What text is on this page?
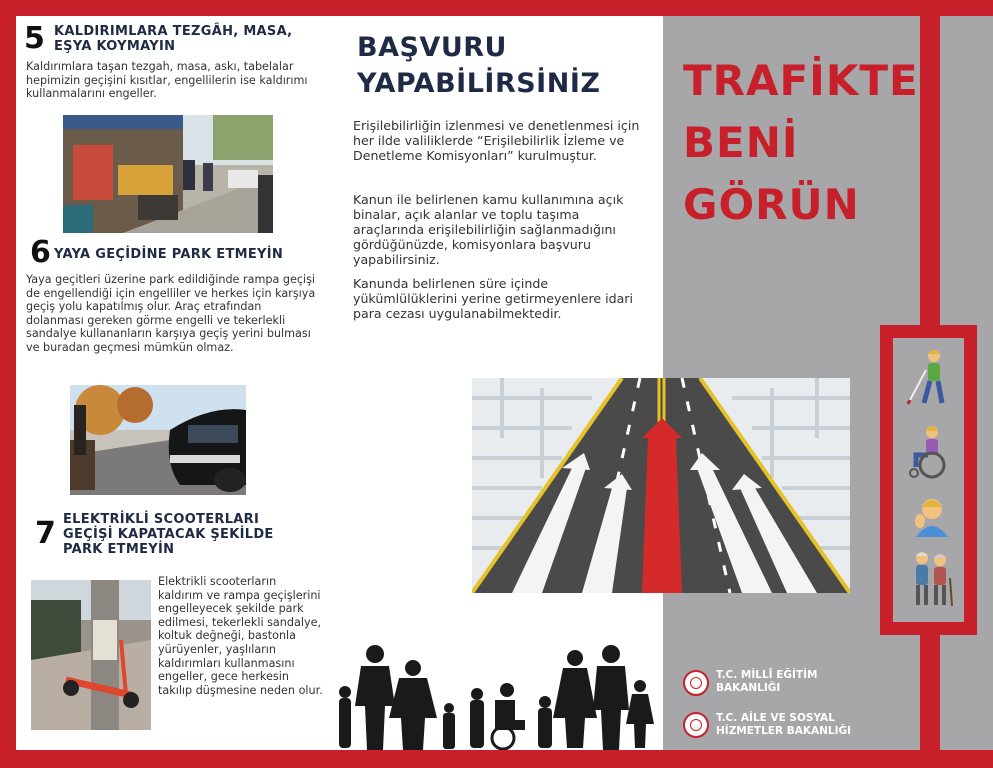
5 KALDIRIMLARA TEZGÂH, MASA, EŞYA KOYMAYIN
Kaldırımlara taşan tezgah, masa, askı, tabelalar hepimizin geçişini kısıtlar, engellilerin ise kaldırımı kullanmalarını engeller.
6 YAYA GEÇİDİNE PARK ETMEYİN
Yaya geçitleri üzerine park edildiğinde rampa geçişi de engellendiği için engelliler ve herkes için karşıya geçiş yolu kapatılmış olur. Araç etrafından dolanması gereken görme engelli ve tekerlekli sandalye kullananların karşıya geçiş yerini bulması ve buradan geçmesi mümkün olmaz.
7 ELEKTRİKLİ SCOOTERLARI GEÇİŞİ KAPATACAK ŞEKİLDE PARK ETMEYİN
Elektrikli scooterların kaldırım ve rampa geçişlerini engelleyecek şekilde park edilmesi, tekerlekli sandalye, koltuk değneği, bastonla yürüyenler, yaşlıların kaldırımları kullanmasını engeller, gece herkesin takılıp düşmesine neden olur.
BAŞVURU
YAPABİLİRSİNİZ
Erişilebilirliğin izlenmesi ve denetlenmesi için her ilde valiliklerde “Erişilebilirlik İzleme ve Denetleme Komisyonları” kurulmuştur.
Kanun ile belirlenen kamu kullanımına açık binalar, açık alanlar ve toplu taşıma araçlarında erişilebilirliğin sağlanmadığını gördüğünüzde, komisyonlara başvuru yapabilirsiniz.
Kanunda belirlenen süre içinde yükümlülüklerini yerine getirmeyenlere idari para cezası uygulanabilmektedir.
TRAFİKTE
BENİ
GÖRÜN
T.C. MİLLÎ EĞİTİM
BAKANLIĞI
T.C. AİLE VE SOSYAL
HİZMETLER BAKANLIĞI
